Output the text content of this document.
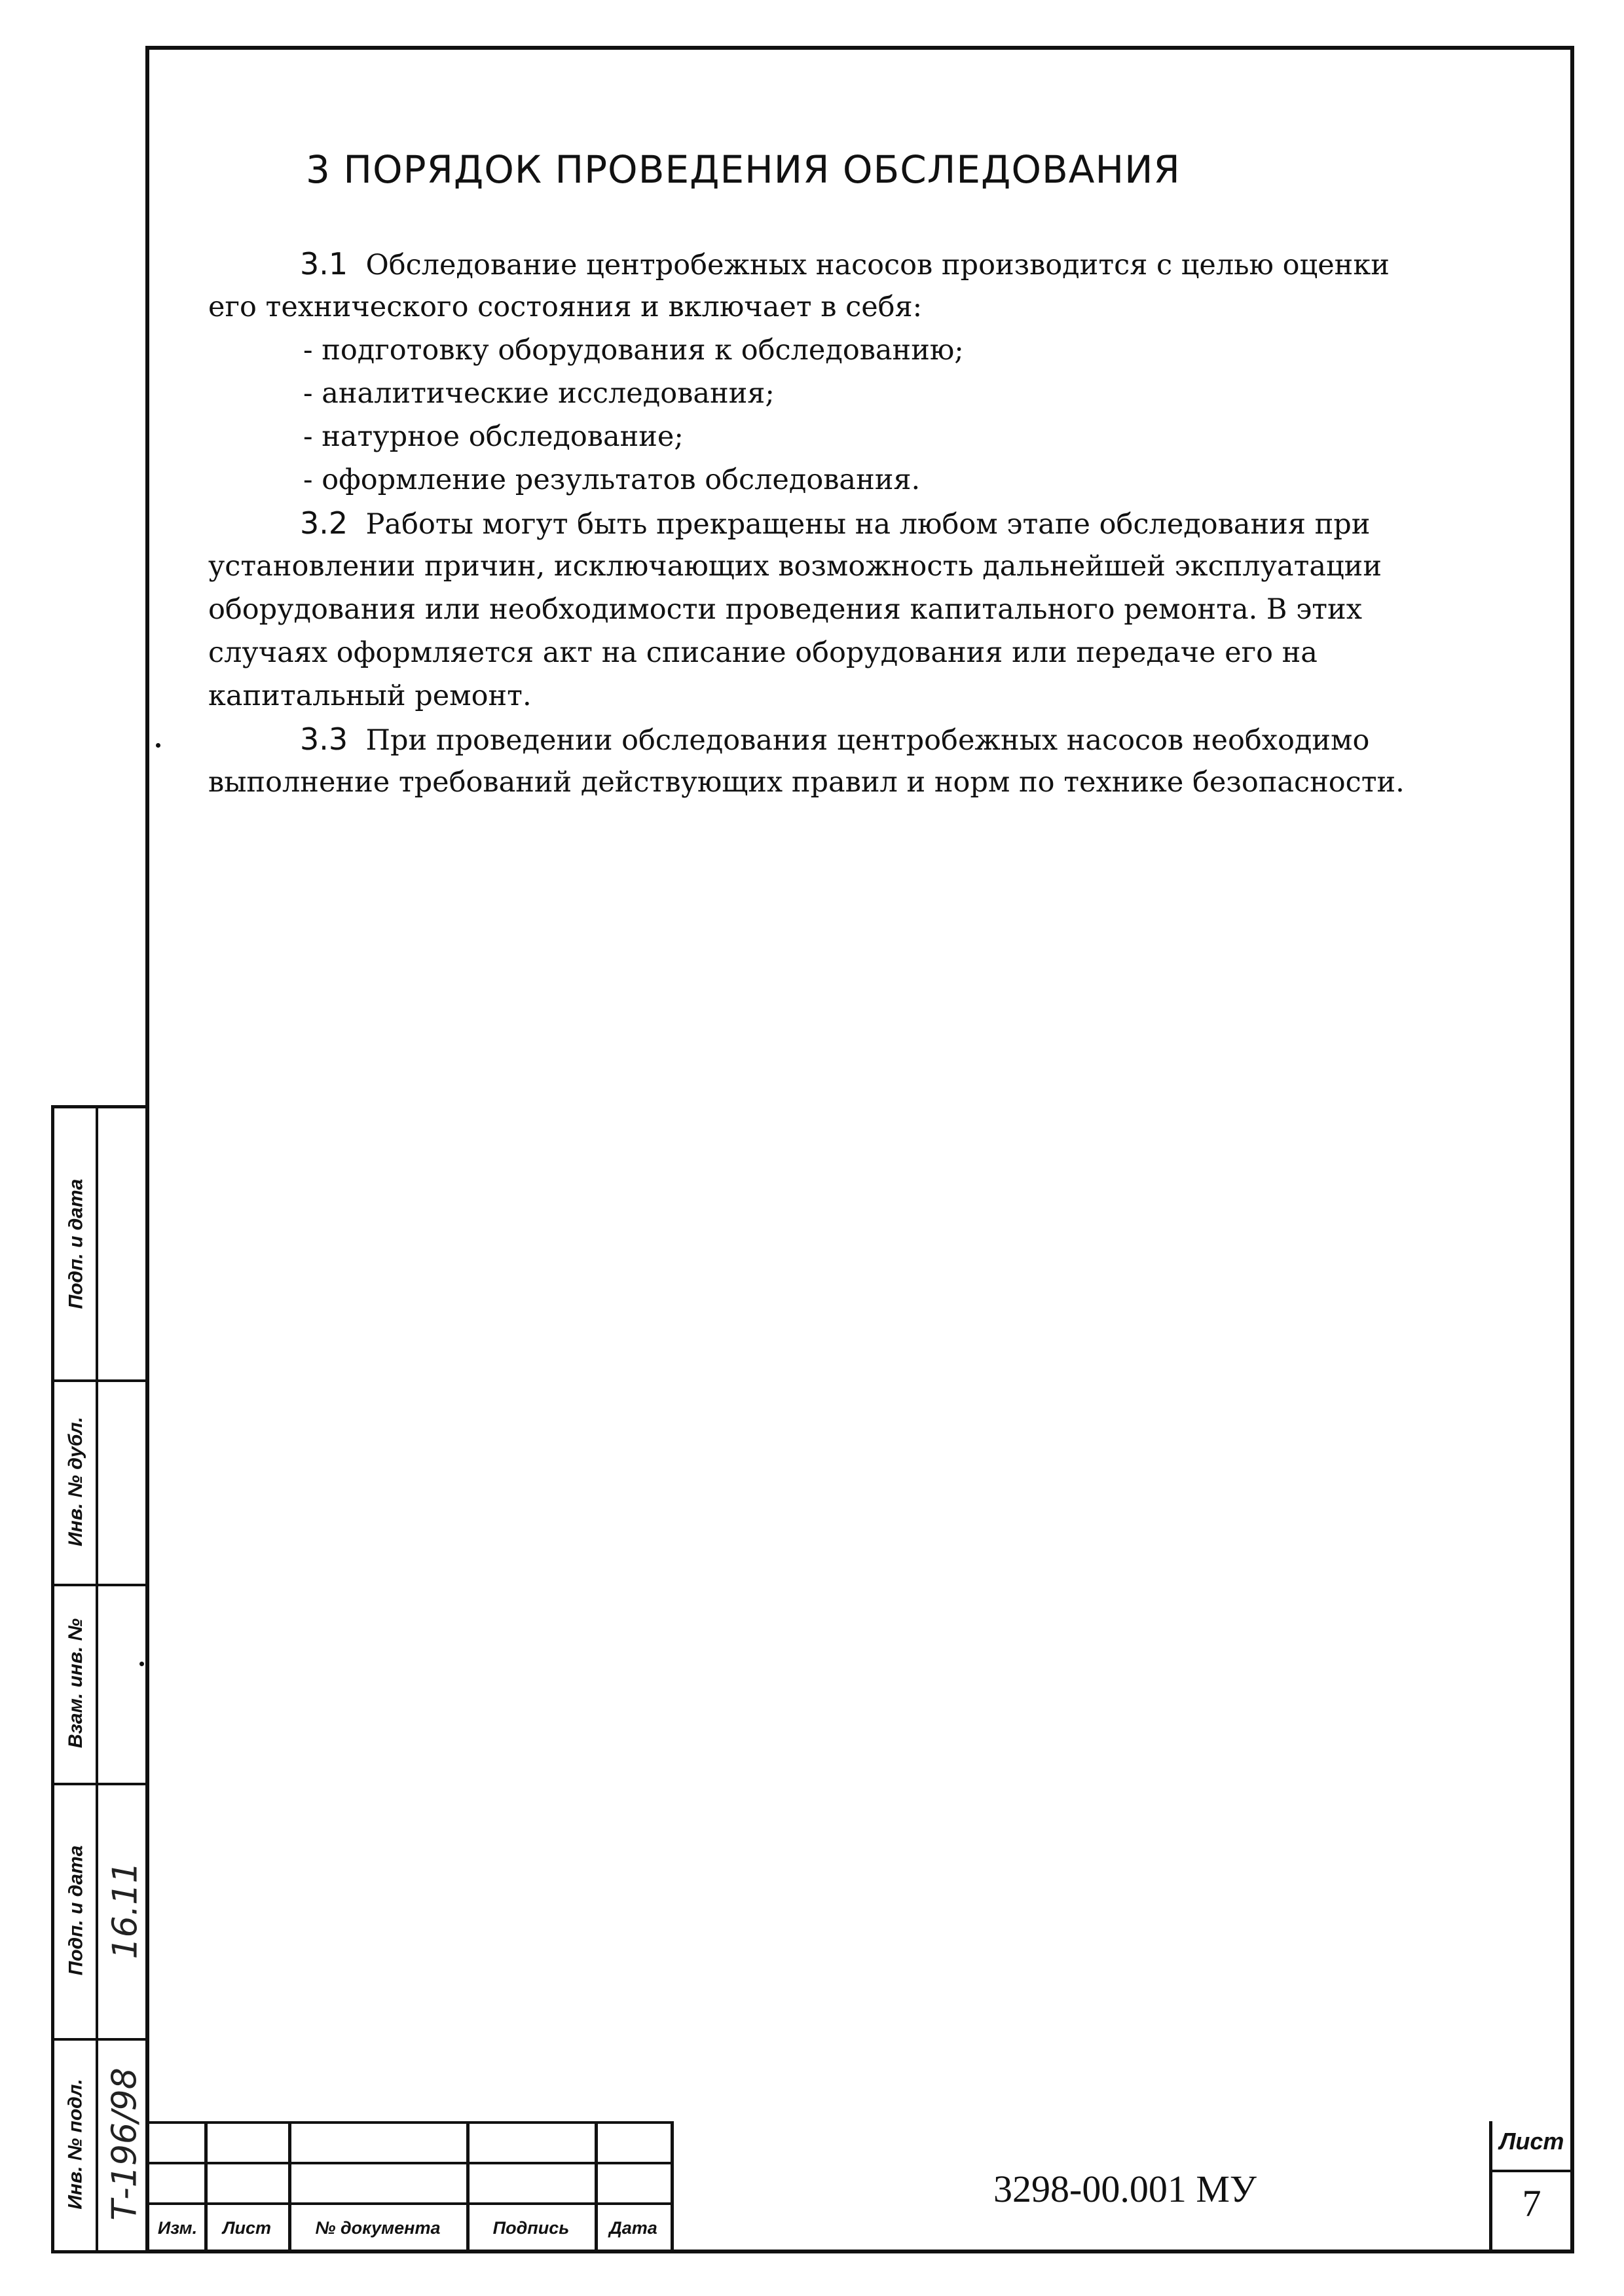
3 ПОРЯДОК ПРОВЕДЕНИЯ ОБСЛЕДОВАНИЯ
3.1 Обследование центробежных насосов производится с целью оценки
его технического состояния и включает в себя:
- подготовку оборудования к обследованию;
- аналитические исследования;
- натурное обследование;
- оформление результатов обследования.
3.2 Работы могут быть прекращены на любом этапе обследования при
установлении причин, исключающих возможность дальнейшей эксплуатации
оборудования или необходимости проведения капитального ремонта. В этих
случаях оформляется акт на списание оборудования или передаче его на
капитальный ремонт.
3.3 При проведении обследования центробежных насосов необходимо
выполнение требований действующих правил и норм по технике безопасности.
Подп. и дата
Инв. № дубл.
Взам. инв. №
Подп. и дата
Инв. № подл.
16.11
Т-196/98
Изм.	Лист	№ документа	Подпись	Дата
3298-00.001 МУ
Лист
7
